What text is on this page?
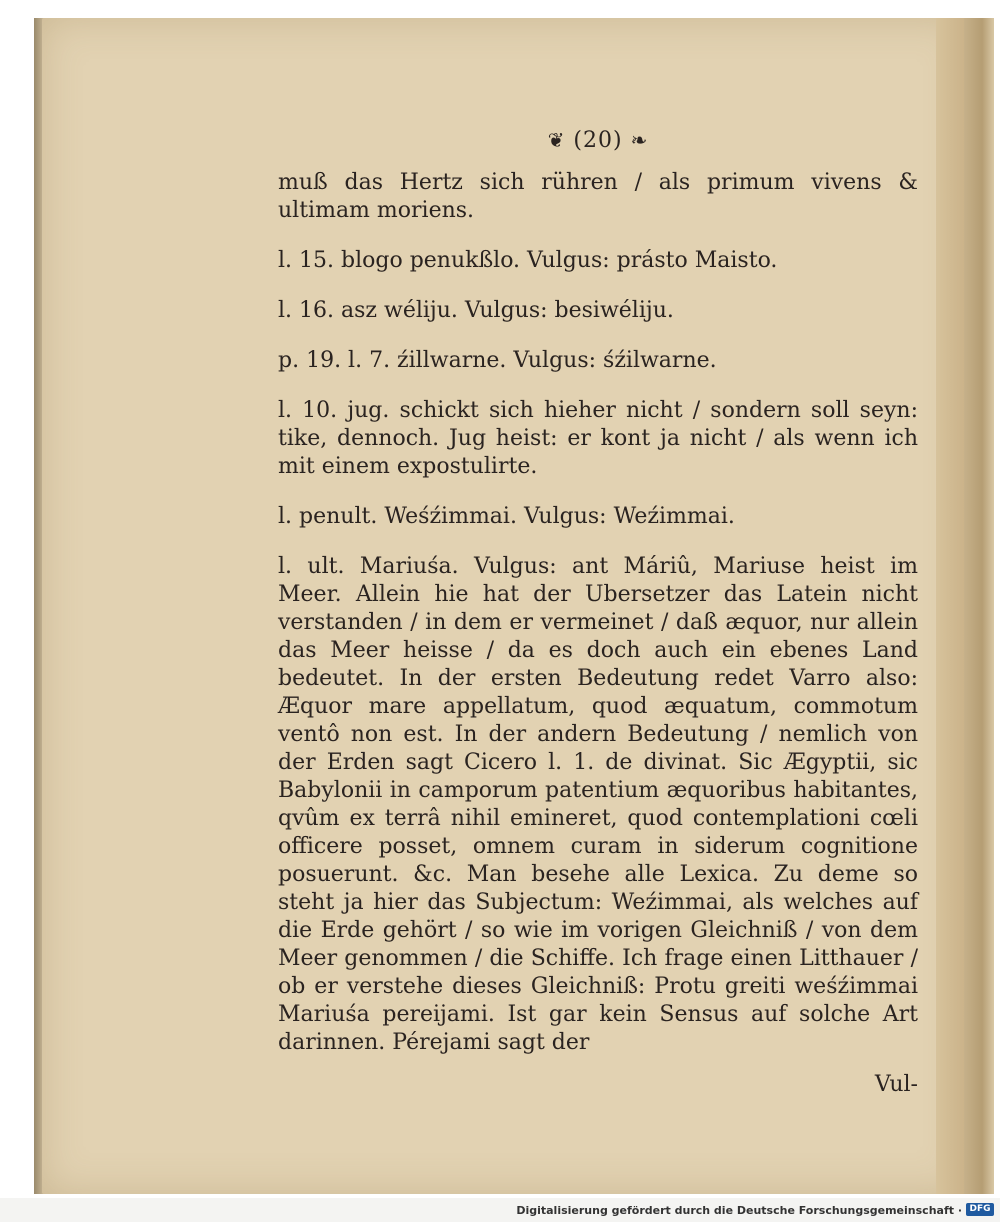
❦ (20) ❧

muß das Hertz sich rühren / als primum vivens & ultimam moriens.

l. 15. blogo penukßlo. Vulgus: prásto Maisto.

l. 16. asz wéliju. Vulgus: besiwéliju.

p. 19. l. 7. źillwarne. Vulgus: śźilwarne.

l. 10. jug. schickt sich hieher nicht / sondern soll seyn: tike, dennoch. Jug heist: er kont ja nicht / als wenn ich mit einem expostulirte.

l. penult. Weśźimmai. Vulgus: Weźimmai.

l. ult. Mariuśa. Vulgus: ant Máriû, Mariuse heist im Meer. Allein hie hat der Ubersetzer das Latein nicht verstanden / in dem er vermeinet / daß æquor, nur allein das Meer heisse / da es doch auch ein ebenes Land bedeutet. In der ersten Bedeutung redet Varro also: Æquor mare appellatum, quod æquatum, commotum ventô non est. In der andern Bedeutung / nemlich von der Erden sagt Cicero l. 1. de divinat. Sic Ægyptii, sic Babylonii in camporum patentium æquoribus habitantes, qvûm ex terrâ nihil emineret, quod contemplationi cœli officere posset, omnem curam in siderum cognitione posuerunt. &c. Man besehe alle Lexica. Zu deme so steht ja hier das Subjectum: Weźimmai, als welches auf die Erde gehört / so wie im vorigen Gleichniß / von dem Meer genommen / die Schiffe. Ich frage einen Litthauer / ob er verstehe dieses Gleichniß: Protu greiti weśźimmai Mariuśa pereijami. Ist gar kein Sensus auf solche Art darinnen. Pérejami sagt der

Vul-
Digitalisierung gefördert durch die Deutsche Forschungsgemeinschaft · DFG
